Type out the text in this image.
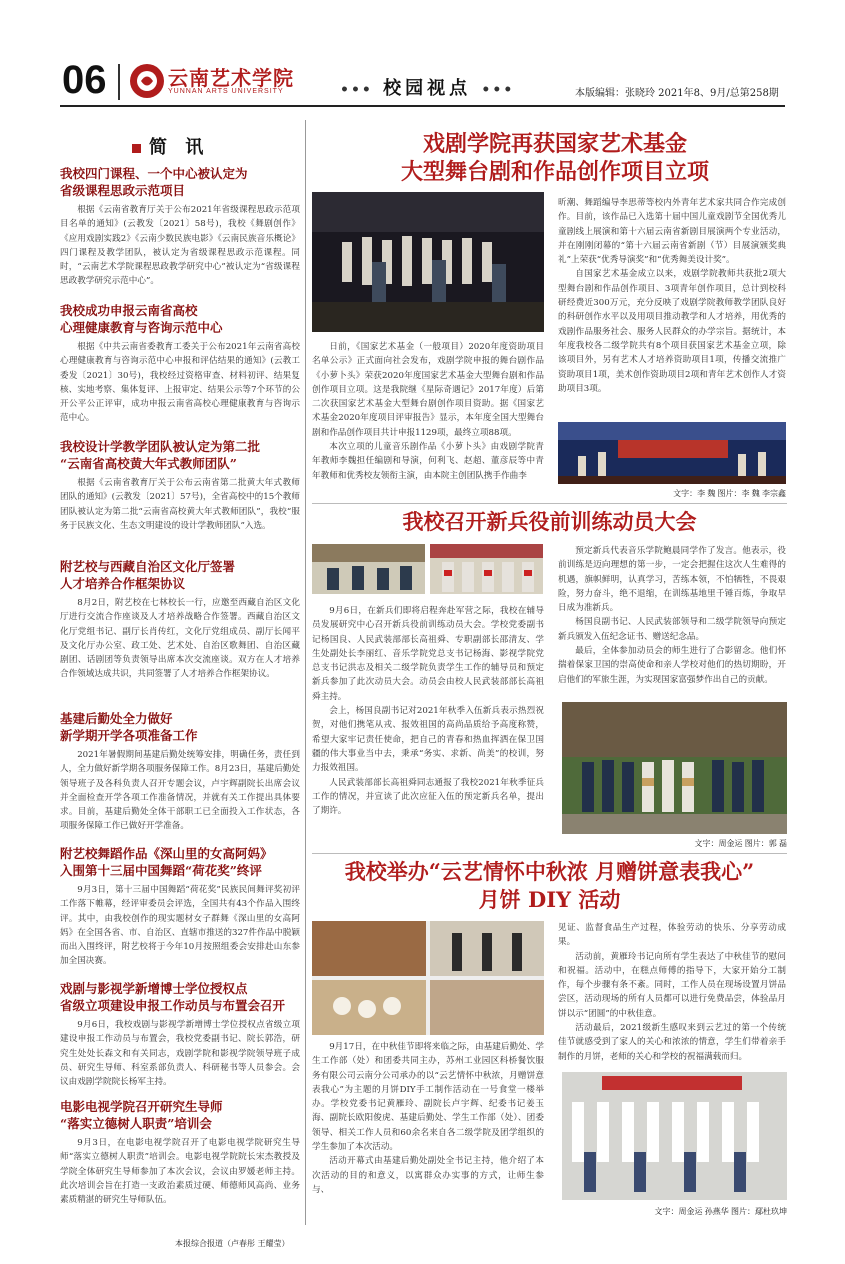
06	云南艺术学院
YUNNAN ARTS UNIVERSITY	••• 校园视点 •••	本版编辑：张晓玲 2021年8、9月/总第258期
简 讯
我校四门课程、一个中心被认定为
省级课程思政示范项目

根据《云南省教育厅关于公布2021年省级课程思政示范项目名单的通知》(云教发〔2021〕58号)，我校《舞剧创作》《应用戏剧实践2》《云南少数民族电影》《云南民族音乐概论》四门课程及教学团队，被认定为省级课程思政示范课程。同时，“云南艺术学院课程思政教学研究中心”被认定为“省级课程思政教学研究示范中心”。

我校成功申报云南省高校
心理健康教育与咨询示范中心

根据《中共云南省委教育工委关于公布2021年云南省高校心理健康教育与咨询示范中心申报和评估结果的通知》(云教工委发〔2021〕30号)，我校经过资格审查、材料初评、结果复核、实地考察、集体复评、上报审定、结果公示等7个环节的公开公平公正评审，成功申报云南省高校心理健康教育与咨询示范中心。

我校设计学教学团队被认定为第二批
“云南省高校黄大年式教师团队”

根据《云南省教育厅关于公布云南省第二批黄大年式教师团队的通知》(云教发〔2021〕57号)，全省高校中的15个教师团队被认定为第二批“云南省高校黄大年式教师团队”，我校“服务于民族文化、生态文明建设的设计学教师团队”入选。

附艺校与西藏自治区文化厅签署
人才培养合作框架协议

8月2日，附艺校在七林校长一行，应邀至西藏自治区文化厅进行交流合作座谈及人才培养战略合作签署。西藏自治区文化厅党组书记、副厅长肖传红，文化厅党组成员、副厅长闻平及文化厅办公室、政工处、艺术处、自治区歌舞团、自治区藏剧团、话剧团等负责领导出席本次交流座谈。双方在人才培养合作领域达成共识，共同签署了人才培养合作框架协议。

基建后勤处全力做好
新学期开学各项准备工作

2021年暑假期间基建后勤处统筹安排，明确任务，责任到人，全力做好新学期各项服务保障工作。8月23日，基建后勤处领导班子及各科负责人召开专题会议，卢宇辉副院长出席会议并全面检查开学各项工作准备情况，并就有关工作提出具体要求。目前，基建后勤处全体干部职工已全面投入工作状态，各项服务保障工作已做好开学准备。

附艺校舞蹈作品《深山里的女高阿妈》
入围第十三届中国舞蹈“荷花奖”终评

9月3日，第十三届中国舞蹈“荷花奖”民族民间舞评奖初评工作落下帷幕，经评审委员会评选，全国共有43个作品入围终评。其中，由我校创作的现实题材女子群舞《深山里的女高阿妈》在全国各省、市、自治区、直辖市推送的327件作品中脱颖而出入围终评，附艺校将于今年10月按照组委会安排赴山东参加全国决赛。

戏剧与影视学新增博士学位授权点
省级立项建设申报工作动员与布置会召开

9月6日，我校戏剧与影视学新增博士学位授权点省级立项建设申报工作动员与布置会，我校党委副书记、院长郭浩，研究生处处长森文和有关同志，戏剧学院和影视学院领导班子成员、研究生导师、科室系部负责人、科研秘书等人员参会。会议由戏剧学院院长杨军主持。

电影电视学院召开研究生导师
“落实立德树人职责”培训会

9月3日，在电影电视学院召开了电影电视学院研究生导师“落实立德树人职责”培训会。电影电视学院院长宋杰教授及学院全体研究生导师参加了本次会议，会议由罗媛老师主持。此次培训会旨在打造一支政治素质过硬、师德师风高尚、业务素质精湛的研究生导师队伍。

本报综合报道（卢春彤 王耀莹）
戏剧学院再获国家艺术基金
大型舞台剧和作品创作项目立项

日前，《国家艺术基金（一般项目）2020年度资助项目名单公示》正式面向社会发布，戏剧学院申报的舞台剧作品《小萝卜头》荣获2020年度国家艺术基金大型舞台剧和作品创作项目立项。这是我院继《星际奇遇记》2017年度）后第二次获国家艺术基金大型舞台剧创作项目资助。据《国家艺术基金2020年度项目评审报告》显示，本年度全国大型舞台剧和作品创作项目共计申报1129项，最终立项88项。

本次立项的儿童音乐剧作品《小萝卜头》由戏剧学院青年教师李魏担任编剧和导演，何利飞、赵超、董彦辰等中青年教师和优秀校友领衔主演，由本院主创团队携手作曲李

昕潮、舞蹈编导李思蒂等校内外青年艺术家共同合作完成创作。目前，该作品已入选第十届中国儿童戏剧节全国优秀儿童剧线上展演和第十六届云南省新剧目展演两个专业活动，并在刚刚闭幕的“第十六届云南省新剧（节）目展演颁奖典礼”上荣获“优秀导演奖”和“优秀舞美设计奖”。

自国家艺术基金成立以来，戏剧学院教师共获批2项大型舞台剧和作品创作项目、3项青年创作项目，总计到校科研经费近300万元，充分反映了戏剧学院教师教学团队良好的科研创作水平以及用项目推动教学和人才培养，用优秀的戏剧作品服务社会、服务人民群众的办学宗旨。据统计，本年度我校各二级学院共有8个项目获国家艺术基金立项，除该项目外，另有艺术人才培养资助项目1项，传播交流推广资助项目1项，美术创作资助项目2项和青年艺术创作人才资助项目3项。

文字：李 魏 图片：李 魏 李宗鑫
我校召开新兵役前训练动员大会

9月6日，在新兵们即将启程奔赴军营之际，我校在辅导员发展研究中心召开新兵役前训练动员大会。学校党委副书记杨国良、人民武装部部长高祖舜、专职副部长邵清友、学生处副处长李丽红、音乐学院党总支书记杨海、影视学院党总支书记洪志及相关二级学院负责学生工作的辅导员和预定新兵参加了此次动员大会。动员会由校人民武装部部长高祖舜主持。

会上，杨国良副书记对2021年秋季入伍新兵表示热烈祝贺，对他们携笔从戎、报效祖国的高尚品质给予高度称赞，希望大家牢记责任使命，把自己的青春和热血挥洒在保卫国疆的伟大事业当中去，秉承“务实、求新、尚美”的校训，努力报效祖国。

人民武装部部长高祖舜同志通报了我校2021年秋季征兵工作的情况，并宣读了此次应征入伍的预定新兵名单，提出了期许。

预定新兵代表音乐学院鲍晨同学作了发言。他表示，役前训练是迈向理想的第一步，一定会把握住这次人生难得的机遇，旗帜鲜明，认真学习，苦练本领，不怕牺牲，不畏艰险，努力奋斗，绝不退缩，在训练基地里千锤百炼，争取早日成为准新兵。

杨国良副书记、人民武装部领导和二级学院领导向预定新兵颁发入伍纪念证书、赠送纪念品。

最后，全体参加动员会的师生进行了合影留念。他们怀揣着保家卫国的崇高使命和亲人学校对他们的热切期盼，开启他们的军旅生涯，为实现国家富强梦作出自己的贡献。

文字：周金运 图片：郭 磊
我校举办“云艺情怀中秋浓 月赠饼意表我心”
月饼 DIY 活动

9月17日，在中秋佳节即将来临之际，由基建后勤处、学生工作部（处）和团委共同主办，苏州工业园区科桥餐饮服务有限公司云南分公司承办的以“云艺情怀中秋浓，月赠饼意表我心”为主题的月饼DIY手工制作活动在一号食堂一楼举办。学校党委书记黄雁玲、副院长卢宇辉、纪委书记姜玉海、副院长欧阳俊虎、基建后勤处、学生工作部（处）、团委领导、相关工作人员和60余名来自各二级学院及团学组织的学生参加了本次活动。

活动开幕式由基建后勤处副处全书记主持，他介绍了本次活动的目的和意义，以寓群众办实事的方式，让师生参与、

见证、监督食品生产过程，体验劳动的快乐、分享劳动成果。

活动前，黄雁玲书记向所有学生表达了中秋佳节的慰问和祝福。活动中，在糕点师傅的指导下，大家开始分工制作，每个步骤有条不紊。同时，工作人员在现场设置月饼品尝区，活动现场的所有人员都可以进行免费品尝，体验品月饼以示“团圆”的中秋佳意。

活动最后，2021级新生感叹来到云艺过的第一个传统佳节就感受到了家人的关心和浓浓的情意，学生们带着亲手制作的月饼，老师的关心和学校的祝福满载而归。

文字：周金运 孙燕华 图片：鄢杜玖坤
